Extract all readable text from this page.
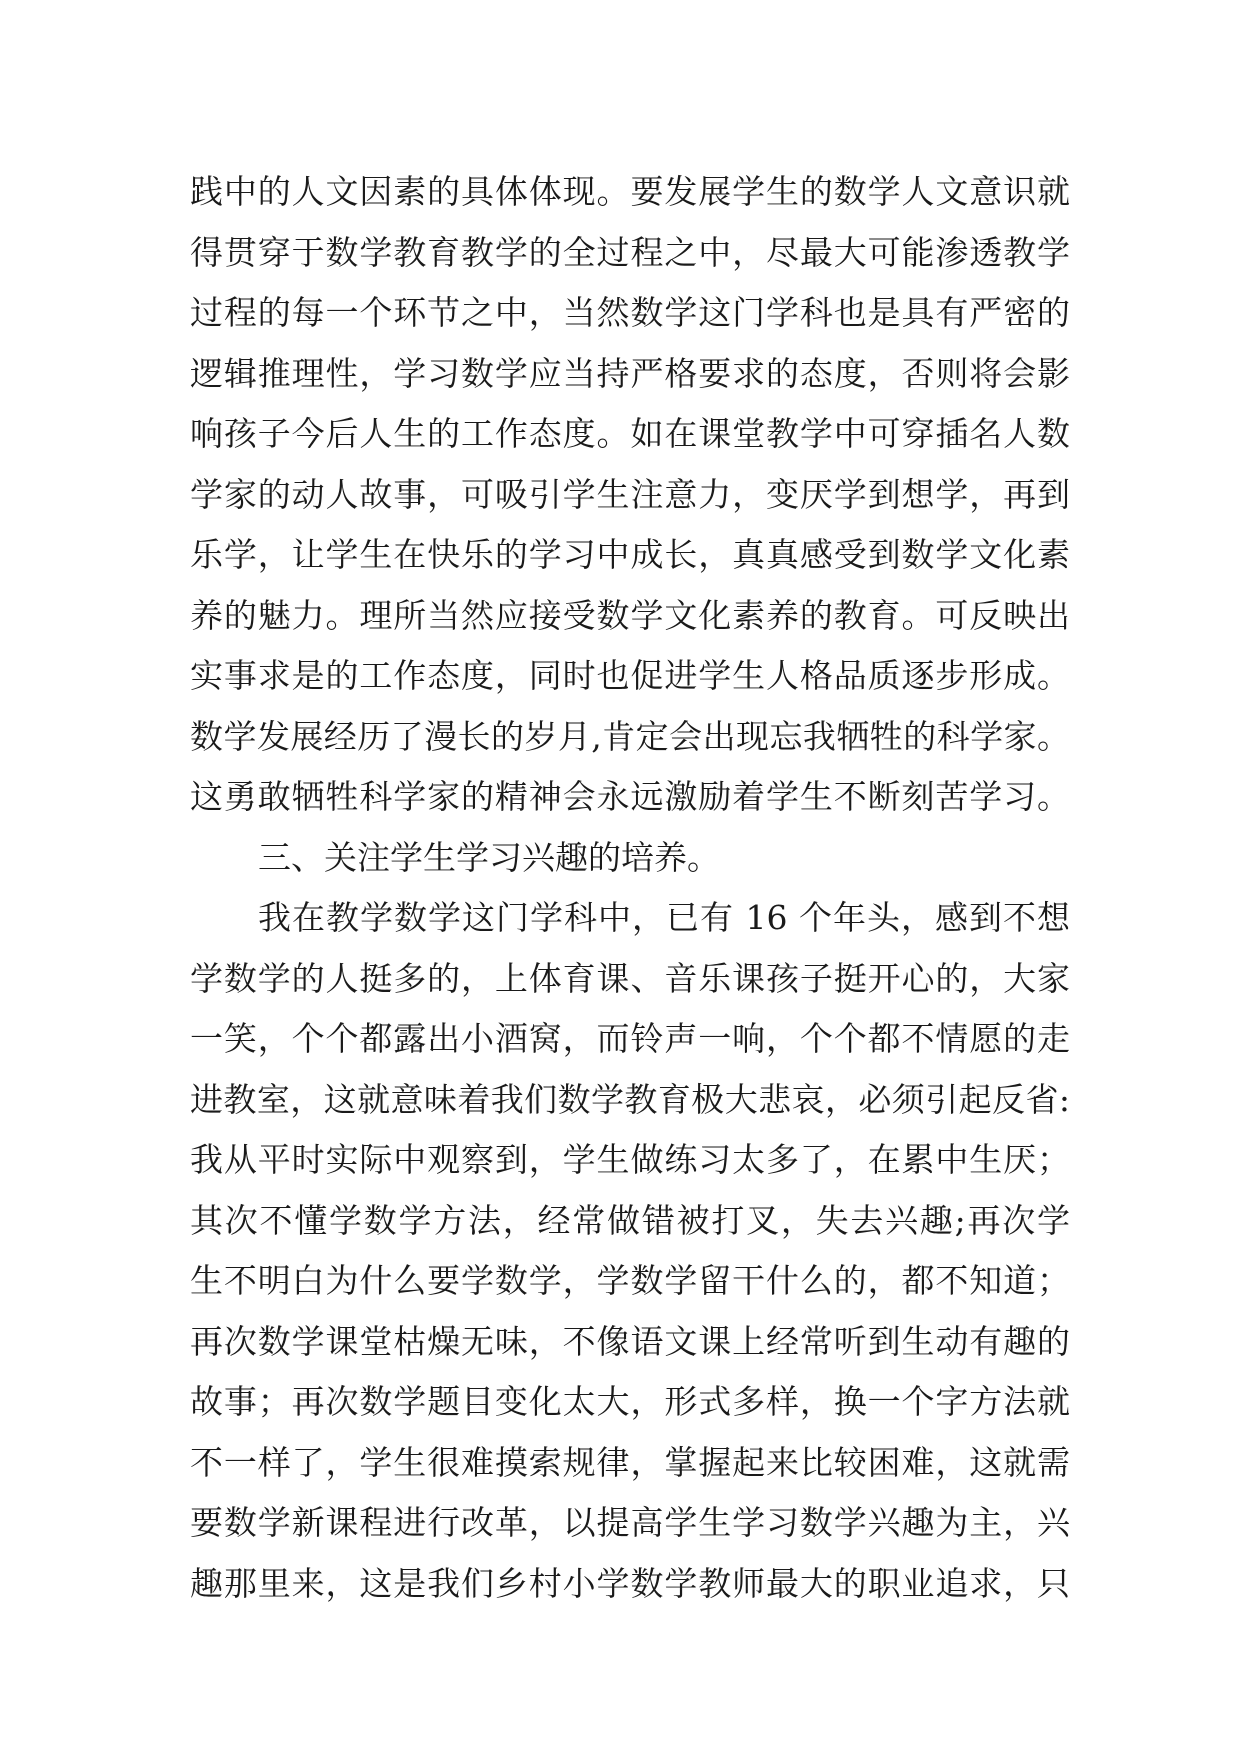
践中的人文因素的具体体现。要发展学生的数学人文意识就
得贯穿于数学教育教学的全过程之中，尽最大可能渗透教学
过程的每一个环节之中，当然数学这门学科也是具有严密的
逻辑推理性，学习数学应当持严格要求的态度，否则将会影
响孩子今后人生的工作态度。如在课堂教学中可穿插名人数
学家的动人故事，可吸引学生注意力，变厌学到想学，再到
乐学，让学生在快乐的学习中成长，真真感受到数学文化素
养的魅力。理所当然应接受数学文化素养的教育。可反映出
实事求是的工作态度，同时也促进学生人格品质逐步形成。
数学发展经历了漫长的岁月,肯定会出现忘我牺牲的科学家。
这勇敢牺牲科学家的精神会永远激励着学生不断刻苦学习。
三、关注学生学习兴趣的培养。
我在教学数学这门学科中，已有 16 个年头，感到不想
学数学的人挺多的，上体育课、音乐课孩子挺开心的，大家
一笑，个个都露出小酒窝，而铃声一响，个个都不情愿的走
进教室，这就意味着我们数学教育极大悲哀，必须引起反省:
我从平时实际中观察到，学生做练习太多了，在累中生厌；
其次不懂学数学方法，经常做错被打叉，失去兴趣;再次学
生不明白为什么要学数学，学数学留干什么的，都不知道；
再次数学课堂枯燥无味，不像语文课上经常听到生动有趣的
故事；再次数学题目变化太大，形式多样，换一个字方法就
不一样了，学生很难摸索规律，掌握起来比较困难，这就需
要数学新课程进行改革，以提高学生学习数学兴趣为主，兴
趣那里来，这是我们乡村小学数学教师最大的职业追求，只
